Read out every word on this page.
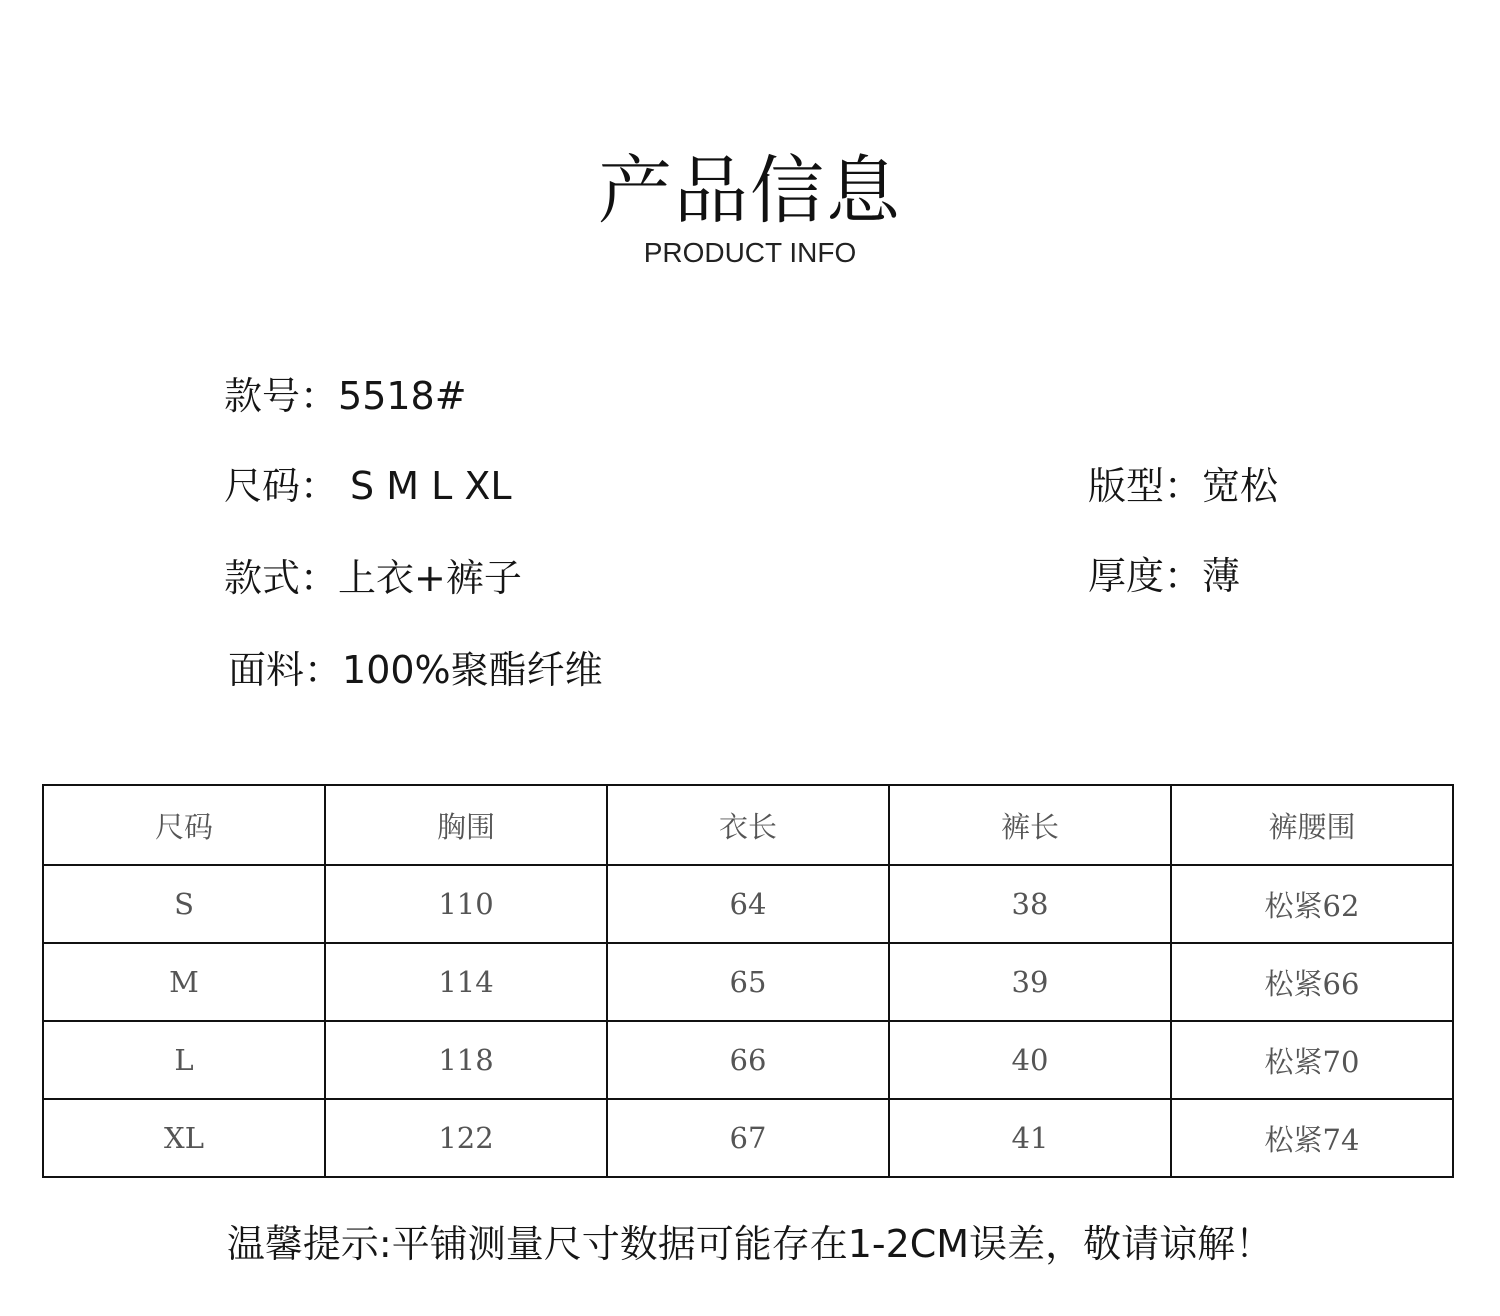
产品信息
PRODUCT INFO
款号：5518#
尺码： S M L XL	版型：宽松
款式：上衣+裤子	厚度：薄
面料：100%聚酯纤维
尺码	胸围	衣长	裤长	裤腰围
S	110	64	38	松紧62
M	114	65	39	松紧66
L	118	66	40	松紧70
XL	122	67	41	松紧74
温馨提示:平铺测量尺寸数据可能存在1-2CM误差，敬请谅解！
